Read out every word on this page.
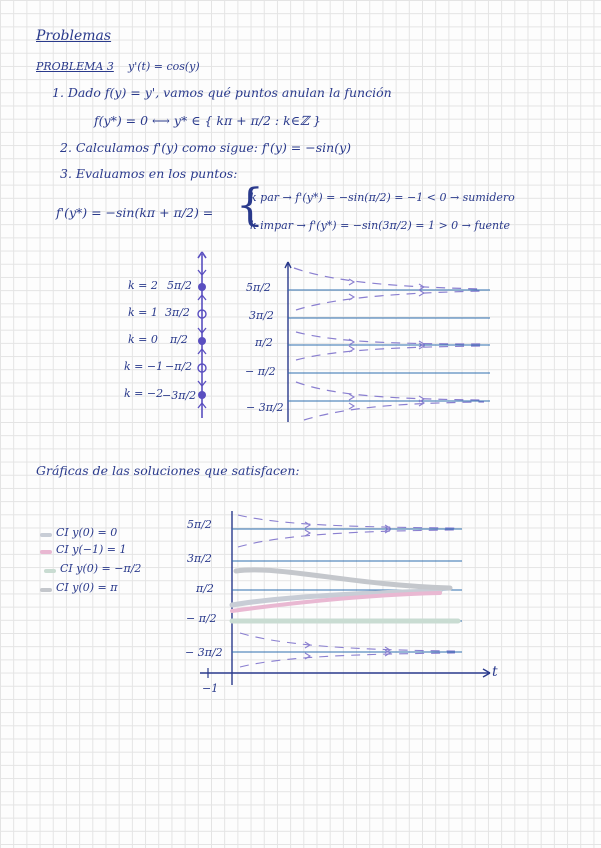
Problemas
PROBLEMA 3 y'(t) = cos(y)
1. Dado f(y) = y', vamos qué puntos anulan la función
f(y*) = 0 ⟷ y* ∈ { kπ + π/2 : k∈ℤ }
2. Calculamos f'(y) como sigue: f'(y) = −sin(y)
3. Evaluamos en los puntos:
f'(y*) = −sin(kπ + π/2) = {
k par → f'(y*) = −sin(π/2) = −1 < 0 → sumidero
k impar → f'(y*) = −sin(3π/2) = 1 > 0 → fuente
k = 2
k = 1
k = 0
k = −1
k = −2
5π/2
3π/2
π/2
−π/2
−3π/2
5π/2
3π/2
π/2
− π/2
− 3π/2
Gráficas de las soluciones que satisfacen:
CI y(0) = 0
CI y(−1) = 1
CI y(0) = −π/2
CI y(0) = π
5π/2
3π/2
π/2
− π/2
− 3π/2
t
−1
